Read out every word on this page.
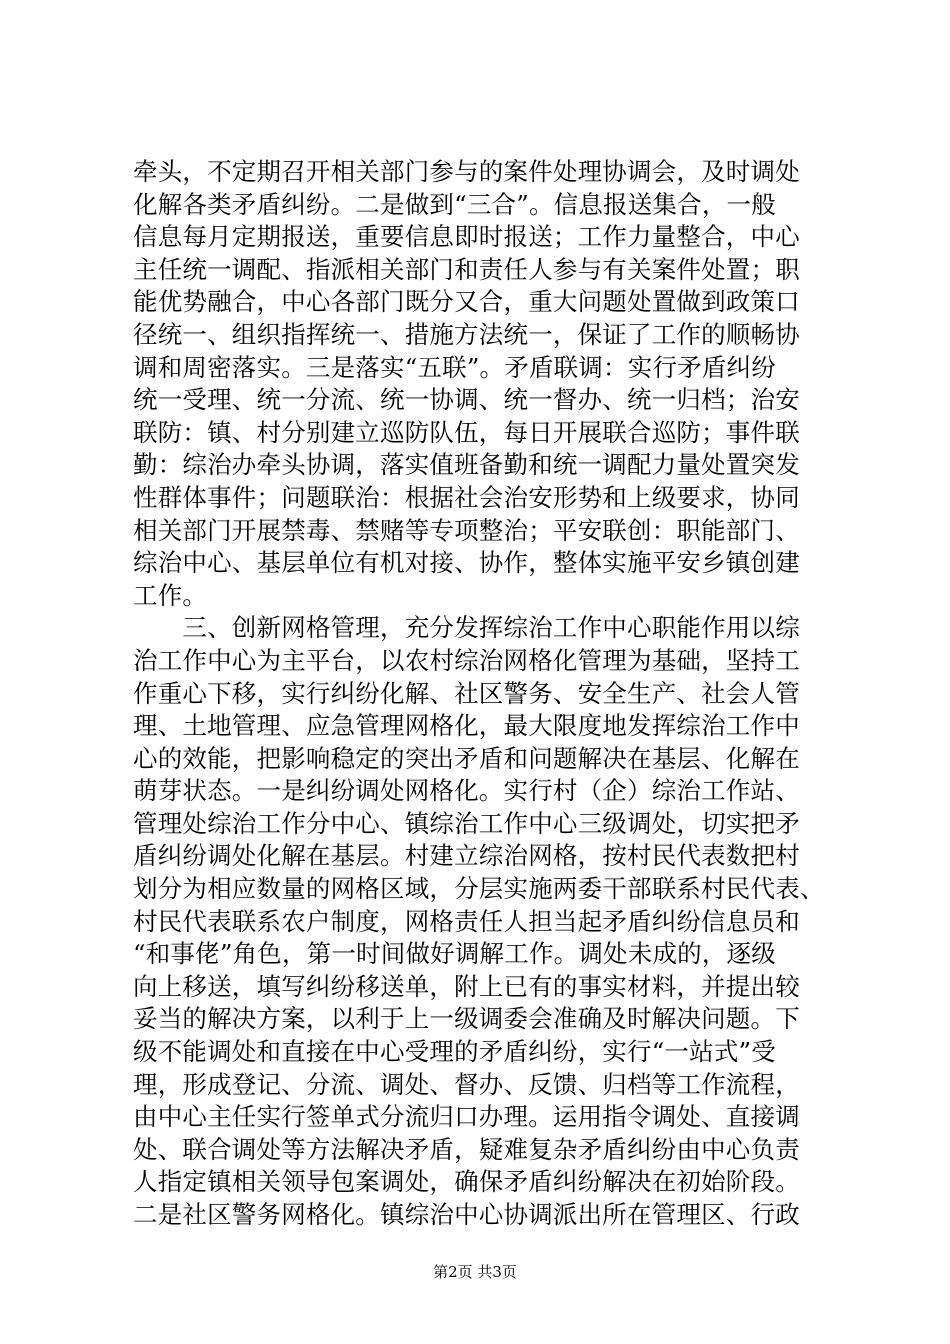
牵头，不定期召开相关部门参与的案件处理协调会，及时调处
化解各类矛盾纠纷。二是做到“三合”。信息报送集合，一般
信息每月定期报送，重要信息即时报送；工作力量整合，中心
主任统一调配、指派相关部门和责任人参与有关案件处置；职
能优势融合，中心各部门既分又合，重大问题处置做到政策口
径统一、组织指挥统一、措施方法统一，保证了工作的顺畅协
调和周密落实。三是落实“五联”。矛盾联调：实行矛盾纠纷
统一受理、统一分流、统一协调、统一督办、统一归档；治安
联防：镇、村分别建立巡防队伍，每日开展联合巡防；事件联
勤：综治办牵头协调，落实值班备勤和统一调配力量处置突发
性群体事件；问题联治：根据社会治安形势和上级要求，协同
相关部门开展禁毒、禁赌等专项整治；平安联创：职能部门、
综治中心、基层单位有机对接、协作，整体实施平安乡镇创建
工作。
　　三、创新网格管理，充分发挥综治工作中心职能作用以综
治工作中心为主平台，以农村综治网格化管理为基础，坚持工
作重心下移，实行纠纷化解、社区警务、安全生产、社会人管
理、土地管理、应急管理网格化，最大限度地发挥综治工作中
心的效能，把影响稳定的突出矛盾和问题解决在基层、化解在
萌芽状态。一是纠纷调处网格化。实行村（企）综治工作站、
管理处综治工作分中心、镇综治工作中心三级调处，切实把矛
盾纠纷调处化解在基层。村建立综治网格，按村民代表数把村
划分为相应数量的网格区域，分层实施两委干部联系村民代表、
村民代表联系农户制度，网格责任人担当起矛盾纠纷信息员和
“和事佬”角色，第一时间做好调解工作。调处未成的，逐级
向上移送，填写纠纷移送单，附上已有的事实材料，并提出较
妥当的解决方案，以利于上一级调委会准确及时解决问题。下
级不能调处和直接在中心受理的矛盾纠纷，实行“一站式”受
理，形成登记、分流、调处、督办、反馈、归档等工作流程，
由中心主任实行签单式分流归口办理。运用指令调处、直接调
处、联合调处等方法解决矛盾，疑难复杂矛盾纠纷由中心负责
人指定镇相关领导包案调处，确保矛盾纠纷解决在初始阶段。
二是社区警务网格化。镇综治中心协调派出所在管理区、行政
第2页 共3页
